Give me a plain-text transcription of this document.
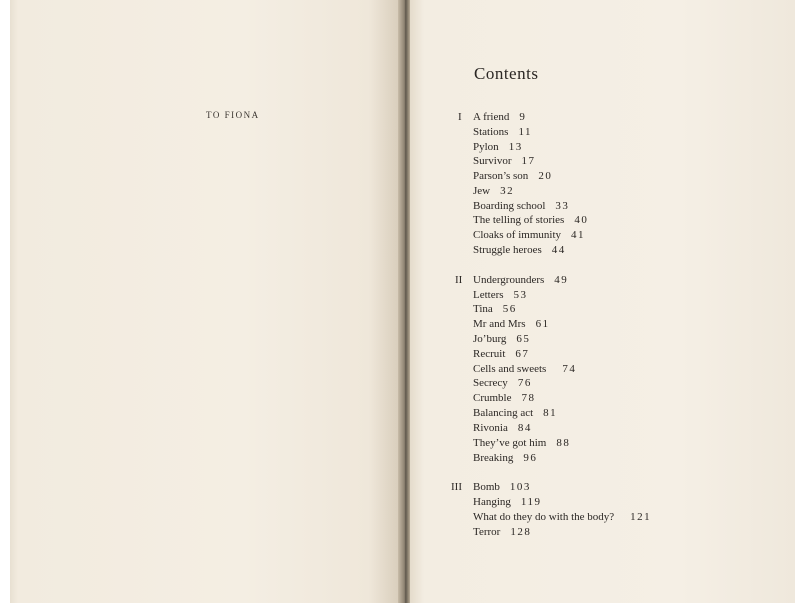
TO FIONA
Contents
I A friend 9
Stations 11
Pylon 13
Survivor 17
Parson’s son 20
Jew 32
Boarding school 33
The telling of stories 40
Cloaks of immunity 41
Struggle heroes 44
II Undergrounders 49
Letters 53
Tina 56
Mr and Mrs 61
Jo’burg 65
Recruit 67
Cells and sweets 74
Secrecy 76
Crumble 78
Balancing act 81
Rivonia 84
They’ve got him 88
Breaking 96
III Bomb 103
Hanging 119
What do they do with the body? 121
Terror 128
